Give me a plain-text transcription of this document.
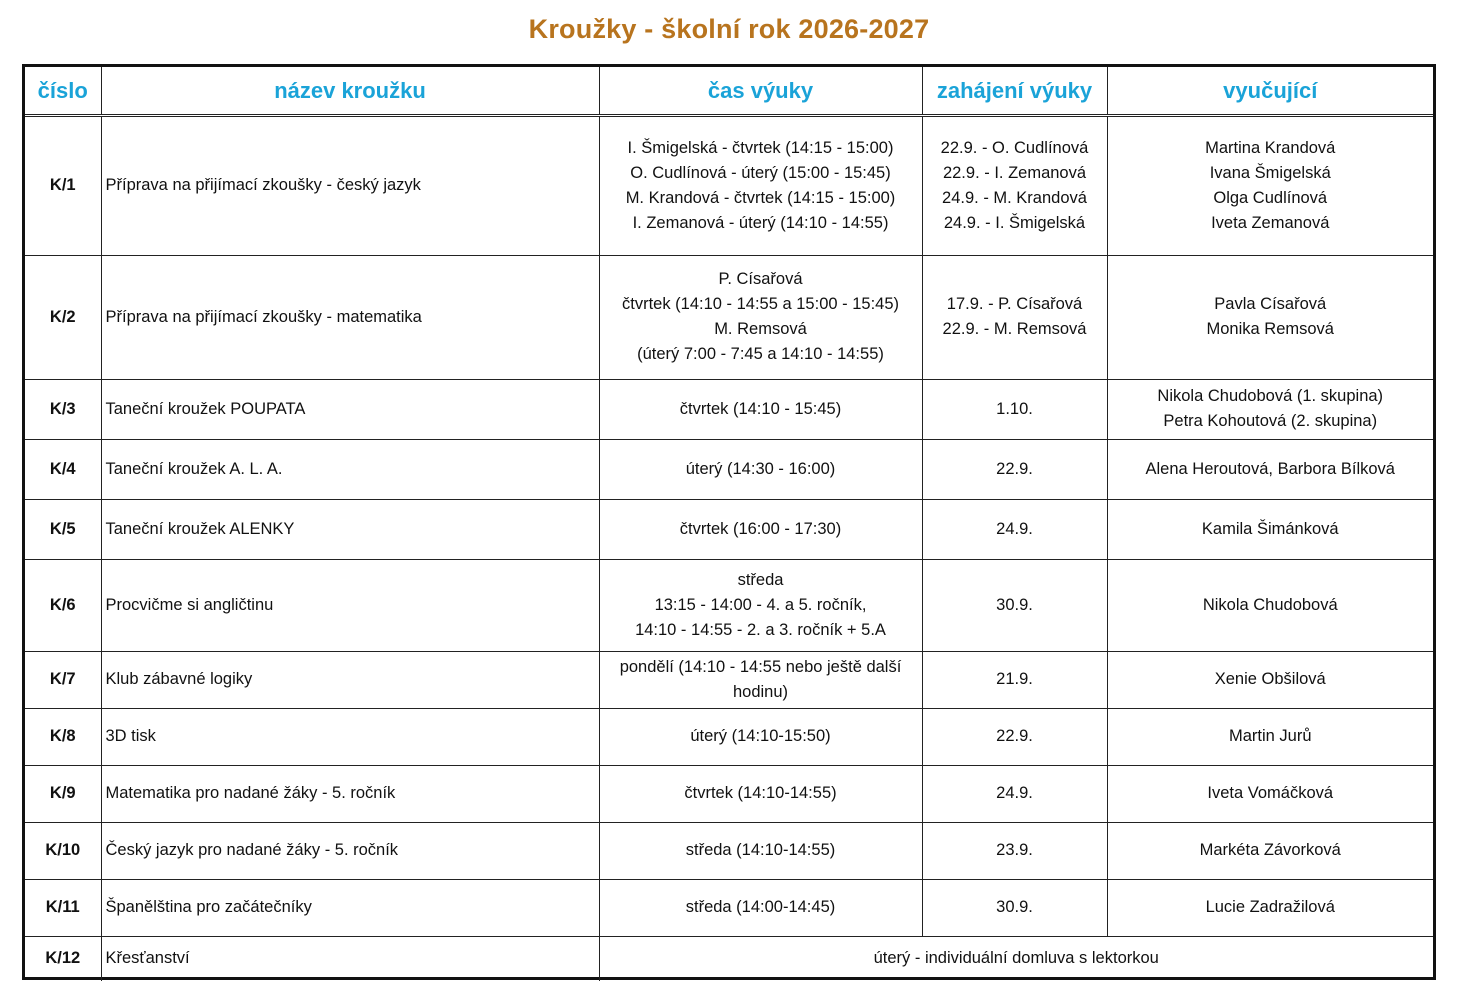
Kroužky - školní rok 2026-2027
číslo	název kroužku	čas výuky	zahájení výuky	vyučující
K/1	Příprava na přijímací zkoušky - český jazyk	I. Šmigelská - čtvrtek (14:15 - 15:00)
O. Cudlínová - úterý (15:00 - 15:45)
M. Krandová - čtvrtek (14:15 - 15:00)
I. Zemanová - úterý (14:10 - 14:55)	22.9. - O. Cudlínová
22.9. - I. Zemanová
24.9. - M. Krandová
24.9. - I. Šmigelská	Martina Krandová
Ivana Šmigelská
Olga Cudlínová
Iveta Zemanová

K/2	Příprava na přijímací zkoušky - matematika	P. Císařová
čtvrtek (14:10 - 14:55 a 15:00 - 15:45)
M. Remsová
(úterý 7:00 - 7:45 a 14:10 - 14:55)	17.9. - P. Císařová
22.9. - M. Remsová	Pavla Císařová
Monika Remsová

K/3	Taneční kroužek POUPATA	čtvrtek (14:10 - 15:45)	1.10.	Nikola Chudobová (1. skupina)
Petra Kohoutová (2. skupina)

K/4	Taneční kroužek A. L. A.	úterý (14:30 - 16:00)	22.9.	Alena Heroutová, Barbora Bílková

K/5	Taneční kroužek ALENKY	čtvrtek (16:00 - 17:30)	24.9.	Kamila Šimánková

K/6	Procvičme si angličtinu	středa
13:15 - 14:00 - 4. a 5. ročník,
14:10 - 14:55 - 2. a 3. ročník + 5.A	30.9.	Nikola Chudobová

K/7	Klub zábavné logiky	pondělí (14:10 - 14:55 nebo ještě další
hodinu)	21.9.	Xenie Obšilová

K/8	3D tisk	úterý (14:10-15:50)	22.9.	Martin Jurů

K/9	Matematika pro nadané žáky - 5. ročník	čtvrtek (14:10-14:55)	24.9.	Iveta Vomáčková

K/10	Český jazyk pro nadané žáky - 5. ročník	středa (14:10-14:55)	23.9.	Markéta Závorková

K/11	Španělština pro začátečníky	středa (14:00-14:45)	30.9.	Lucie Zadražilová

K/12	Křesťanství	úterý - individuální domluva s lektorkou		
